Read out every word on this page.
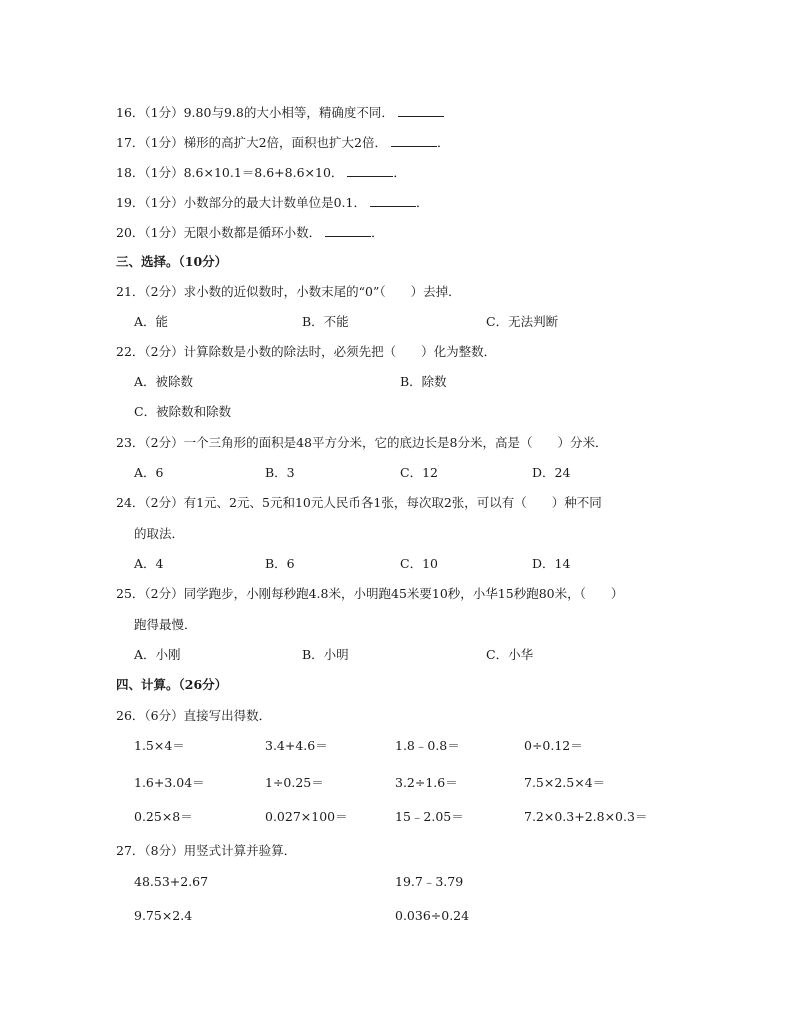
16．（1分）9.80与9.8的大小相等，精确度不同．
17．（1分）梯形的高扩大2倍，面积也扩大2倍．	．
18．（1分）8.6×10.1＝8.6+8.6×10．	．
19．（1分）小数部分的最大计数单位是0.1．	．
20．（1分）无限小数都是循环小数．	．
三、选择。（10分）
21．（2分）求小数的近似数时，小数末尾的“0”（　　）去掉．
A．能	B．不能	C．无法判断
22．（2分）计算除数是小数的除法时，必须先把（　　）化为整数．
A．被除数	B．除数
C．被除数和除数
23．（2分）一个三角形的面积是48平方分米，它的底边长是8分米，高是（　　）分米．
A．6	B．3	C．12	D．24
24．（2分）有1元、2元、5元和10元人民币各1张，每次取2张，可以有（　　）种不同
的取法．
A．4	B．6	C．10	D．14
25．（2分）同学跑步，小刚每秒跑4.8米，小明跑45米要10秒，小华15秒跑80米，（　　）
跑得最慢．
A．小刚	B．小明	C．小华
四、计算。（26分）
26．（6分）直接写出得数．
1.5×4＝	3.4+4.6＝	1.8﹣0.8＝	0÷0.12＝
1.6+3.04＝	1÷0.25＝	3.2÷1.6＝	7.5×2.5×4＝
0.25×8＝	0.027×100＝	15﹣2.05＝	7.2×0.3+2.8×0.3＝
27．（8分）用竖式计算并验算．
48.53+2.67	19.7﹣3.79
9.75×2.4	0.036÷0.24
